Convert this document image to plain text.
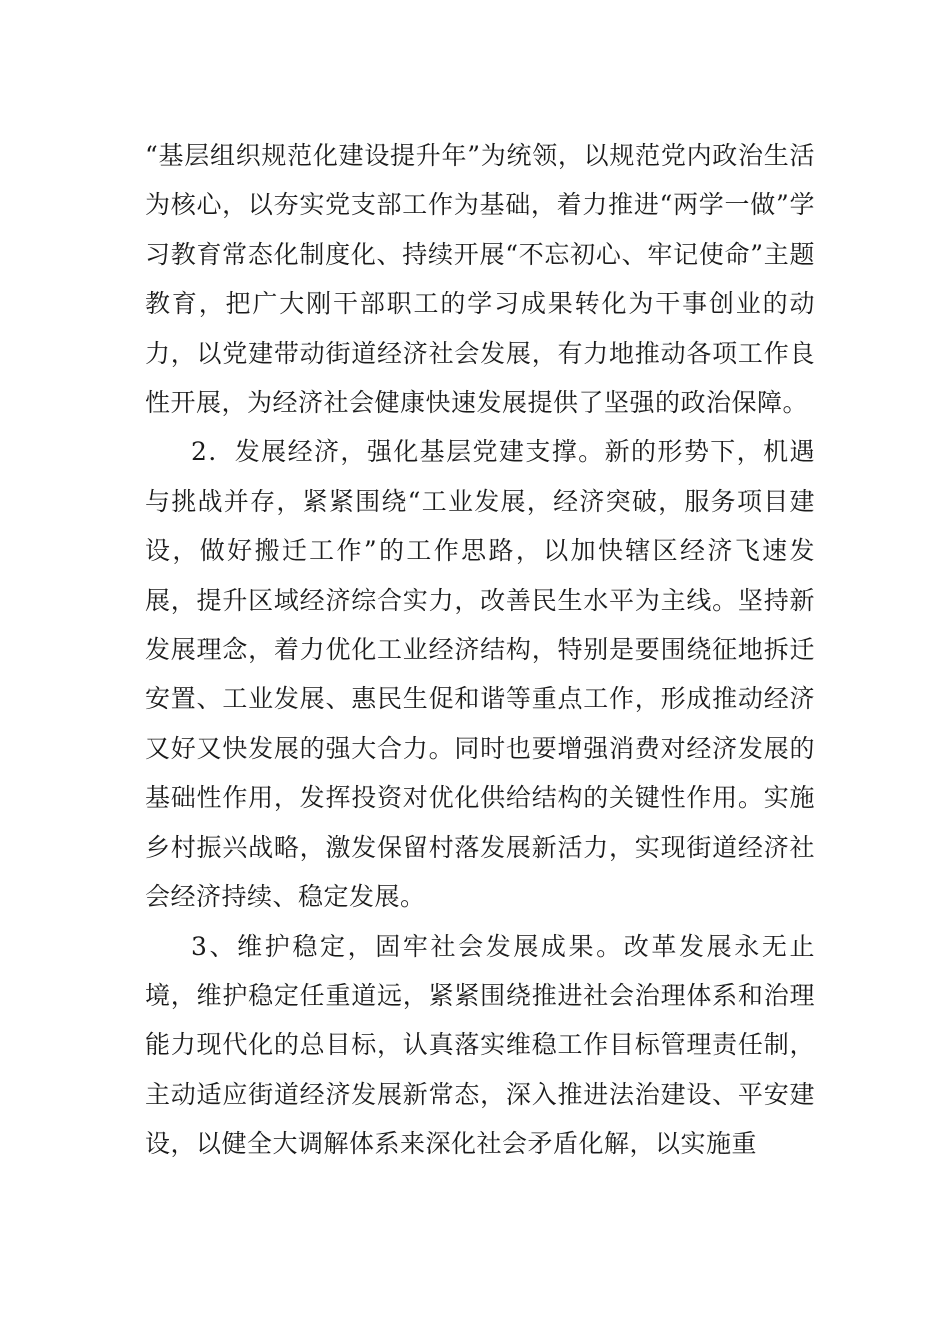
“基层组织规范化建设提升年”为统领，以规范党内政治生活为核心，以夯实党支部工作为基础，着力推进“两学一做”学习教育常态化制度化、持续开展“不忘初心、牢记使命”主题教育，把广大刚干部职工的学习成果转化为干事创业的动力，以党建带动街道经济社会发展，有力地推动各项工作良性开展，为经济社会健康快速发展提供了坚强的政治保障。

2．发展经济，强化基层党建支撑。新的形势下，机遇与挑战并存，紧紧围绕“工业发展，经济突破，服务项目建设，做好搬迁工作”的工作思路，以加快辖区经济飞速发展，提升区域经济综合实力，改善民生水平为主线。坚持新发展理念，着力优化工业经济结构，特别是要围绕征地拆迁安置、工业发展、惠民生促和谐等重点工作，形成推动经济又好又快发展的强大合力。同时也要增强消费对经济发展的基础性作用，发挥投资对优化供给结构的关键性作用。实施乡村振兴战略，激发保留村落发展新活力，实现街道经济社会经济持续、稳定发展。

3、维护稳定，固牢社会发展成果。改革发展永无止境，维护稳定任重道远，紧紧围绕推进社会治理体系和治理能力现代化的总目标，认真落实维稳工作目标管理责任制，主动适应街道经济发展新常态，深入推进法治建设、平安建设，以健全大调解体系来深化社会矛盾化解，以实施重
